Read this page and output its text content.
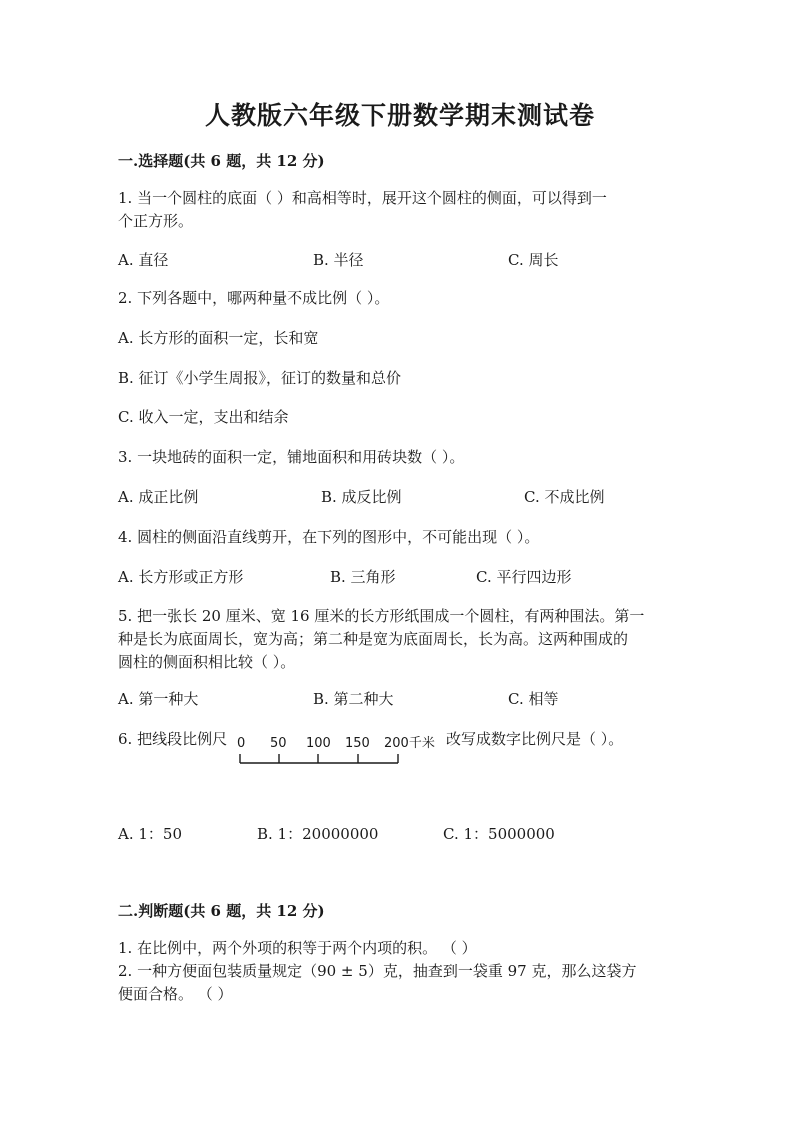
人教版六年级下册数学期末测试卷
一.选择题(共 6 题，共 12 分)
1. 当一个圆柱的底面（ ）和高相等时，展开这个圆柱的侧面，可以得到一
个正方形。
A. 直径	B. 半径	C. 周长
2. 下列各题中，哪两种量不成比例（ ）。
A. 长方形的面积一定，长和宽
B. 征订《小学生周报》，征订的数量和总价
C. 收入一定，支出和结余
3. 一块地砖的面积一定，铺地面积和用砖块数（ ）。
A. 成正比例	B. 成反比例	C. 不成比例
4. 圆柱的侧面沿直线剪开，在下列的图形中，不可能出现（ ）。
A. 长方形或正方形	B. 三角形	C. 平行四边形
5. 把一张长 20 厘米、宽 16 厘米的长方形纸围成一个圆柱，有两种围法。第一
种是长为底面周长，宽为高；第二种是宽为底面周长，长为高。这两种围成的
圆柱的侧面积相比较（ ）。
A. 第一种大	B. 第二种大	C. 相等
6. 把线段比例尺 0 50 100 150 200千米 改写成数字比例尺是（ ）。
A. 1：50	B. 1：20000000	C. 1：5000000
二.判断题(共 6 题，共 12 分)
1. 在比例中，两个外项的积等于两个内项的积。 （ ）
2. 一种方便面包装质量规定（90 ± 5）克，抽查到一袋重 97 克，那么这袋方
便面合格。 （ ）
